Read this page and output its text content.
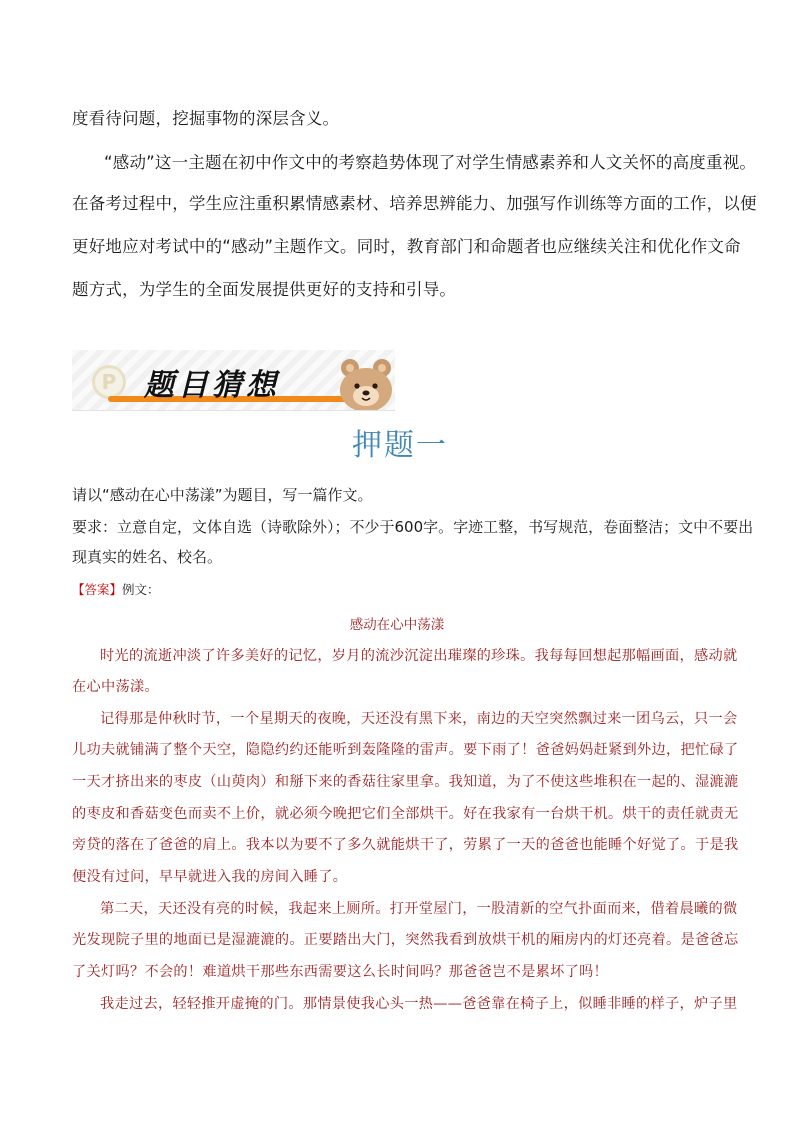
度看待问题，挖掘事物的深层含义。

“感动”这一主题在初中作文中的考察趋势体现了对学生情感素养和人文关怀的高度重视。

在备考过程中，学生应注重积累情感素材、培养思辨能力、加强写作训练等方面的工作，以便

更好地应对考试中的“感动”主题作文。同时，教育部门和命题者也应继续关注和优化作文命

题方式，为学生的全面发展提供更好的支持和引导。

P 题目猜想
押题一

请以“感动在心中荡漾”为题目，写一篇作文。

要求：立意自定，文体自选（诗歌除外）；不少于600字。字迹工整，书写规范，卷面整洁；文中不要出

现真实的姓名、校名。

【答案】例文：
感动在心中荡漾

时光的流逝冲淡了许多美好的记忆，岁月的流沙沉淀出璀璨的珍珠。我每每回想起那幅画面，感动就

在心中荡漾。

记得那是仲秋时节，一个星期天的夜晚，天还没有黑下来，南边的天空突然飘过来一团乌云，只一会

儿功夫就铺满了整个天空，隐隐约约还能听到轰隆隆的雷声。要下雨了！爸爸妈妈赶紧到外边，把忙碌了

一天才挤出来的枣皮（山萸肉）和掰下来的香菇往家里拿。我知道，为了不使这些堆积在一起的、湿漉漉

的枣皮和香菇变色而卖不上价，就必须今晚把它们全部烘干。好在我家有一台烘干机。烘干的责任就责无

旁贷的落在了爸爸的肩上。我本以为要不了多久就能烘干了，劳累了一天的爸爸也能睡个好觉了。于是我

便没有过问，早早就进入我的房间入睡了。

第二天，天还没有亮的时候，我起来上厕所。打开堂屋门，一股清新的空气扑面而来，借着晨曦的微

光发现院子里的地面已是湿漉漉的。正要踏出大门，突然我看到放烘干机的厢房内的灯还亮着。是爸爸忘

了关灯吗？不会的！难道烘干那些东西需要这么长时间吗？那爸爸岂不是累坏了吗！

我走过去，轻轻推开虚掩的门。那情景使我心头一热——爸爸靠在椅子上，似睡非睡的样子，炉子里
